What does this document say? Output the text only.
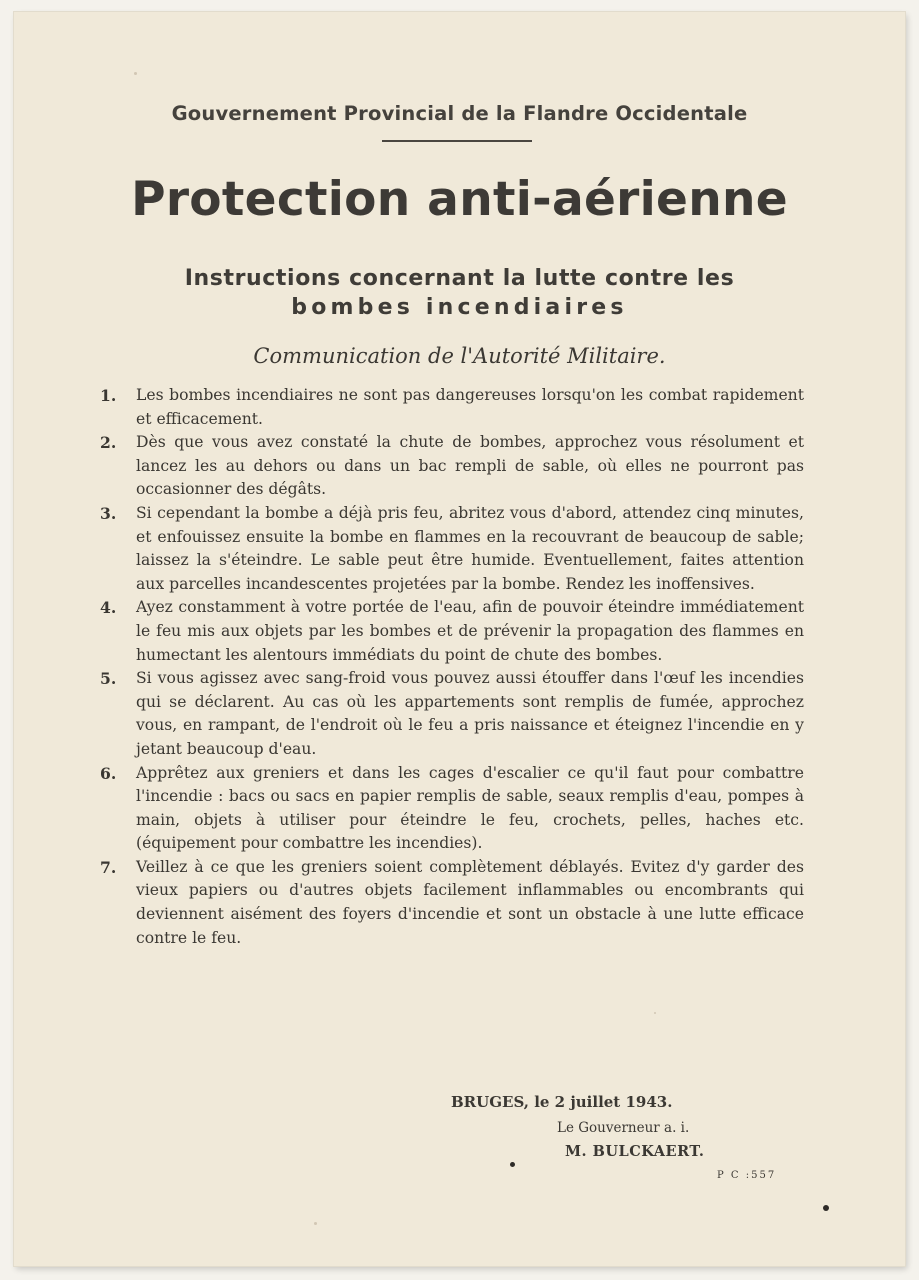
Gouvernement Provincial de la Flandre Occidentale
Protection anti-aérienne
Instructions concernant la lutte contre les
bombes incendiaires
Communication de l'Autorité Militaire.

1. Les bombes incendiaires ne sont pas dangereuses lorsqu'on les combat rapidement et efficacement.

2. Dès que vous avez constaté la chute de bombes, approchez vous résolument et lancez les au dehors ou dans un bac rempli de sable, où elles ne pourront pas occasionner des dégâts.

3. Si cependant la bombe a déjà pris feu, abritez vous d'abord, attendez cinq minutes, et enfouissez ensuite la bombe en flammes en la recouvrant de beaucoup de sable; laissez la s'éteindre. Le sable peut être humide. Eventuellement, faites attention aux parcelles incandescentes projetées par la bombe. Rendez les inoffensives.

4. Ayez constamment à votre portée de l'eau, afin de pouvoir éteindre immédiatement le feu mis aux objets par les bombes et de prévenir la propagation des flammes en humectant les alentours immédiats du point de chute des bombes.

5. Si vous agissez avec sang-froid vous pouvez aussi étouffer dans l'œuf les incendies qui se déclarent. Au cas où les appartements sont remplis de fumée, approchez vous, en rampant, de l'endroit où le feu a pris naissance et éteignez l'incendie en y jetant beaucoup d'eau.

6. Apprêtez aux greniers et dans les cages d'escalier ce qu'il faut pour combattre l'incendie : bacs ou sacs en papier remplis de sable, seaux remplis d'eau, pompes à main, objets à utiliser pour éteindre le feu, crochets, pelles, haches etc. (équipement pour combattre les incendies).

7. Veillez à ce que les greniers soient complètement déblayés. Evitez d'y garder des vieux papiers ou d'autres objets facilement inflammables ou encombrants qui deviennent aisément des foyers d'incendie et sont un obstacle à une lutte efficace contre le feu.

BRUGES, le 2 juillet 1943.
Le Gouverneur a. i.
M. BULCKAERT.
P C :557
